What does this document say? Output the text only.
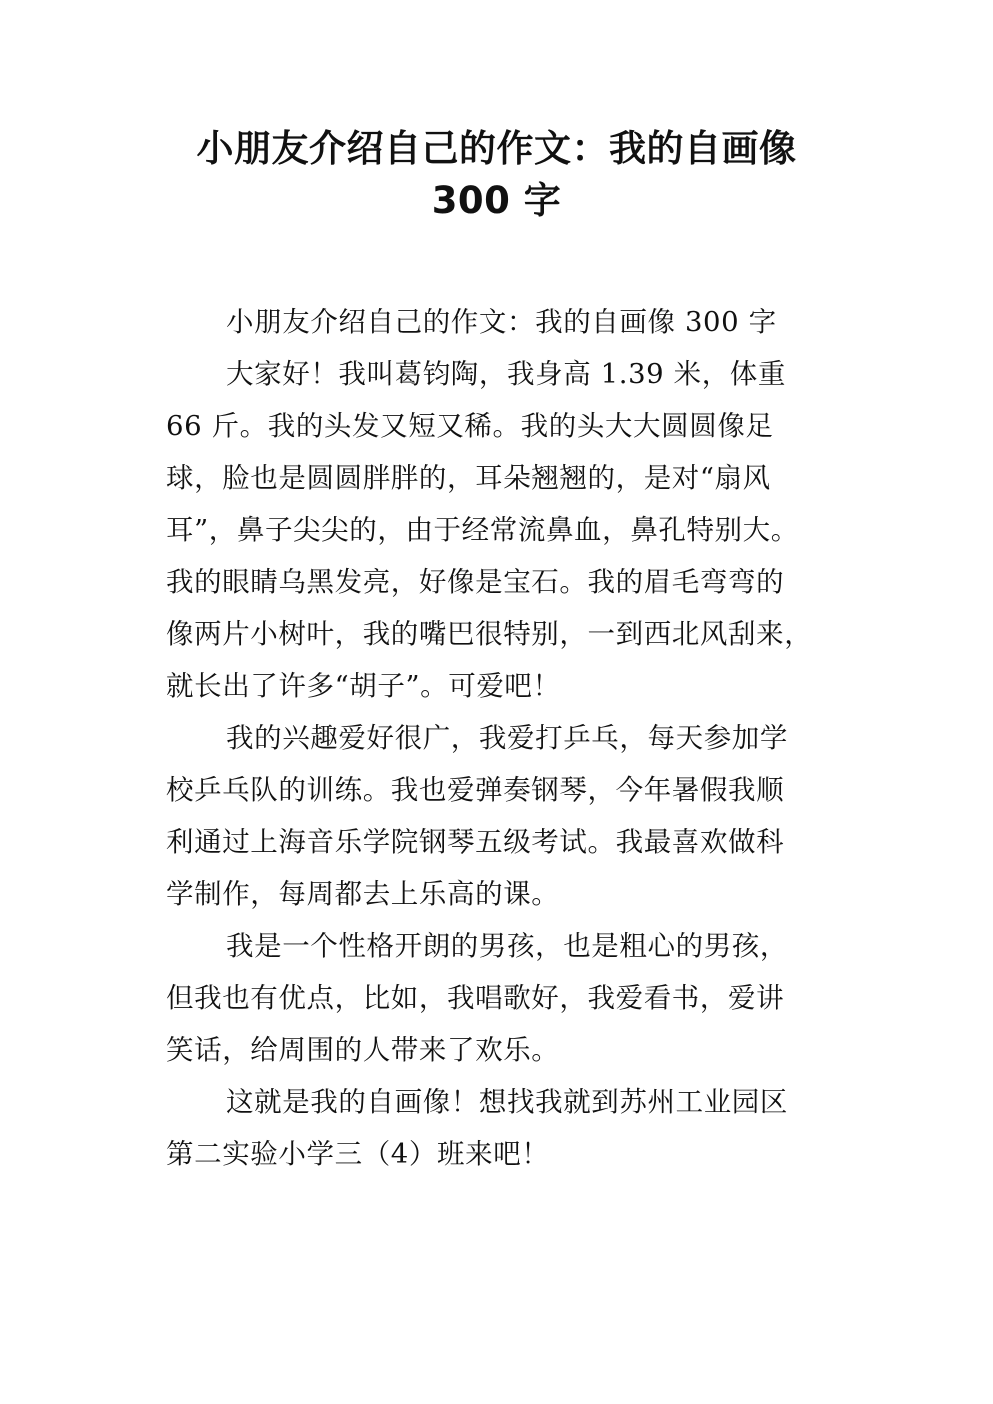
小朋友介绍自己的作文：我的自画像
300 字
小朋友介绍自己的作文：我的自画像 300 字
大家好！我叫葛钧陶，我身高 1.39 米，体重
66 斤。我的头发又短又稀。我的头大大圆圆像足
球，脸也是圆圆胖胖的，耳朵翘翘的，是对“扇风
耳”，鼻子尖尖的，由于经常流鼻血，鼻孔特别大。
我的眼睛乌黑发亮，好像是宝石。我的眉毛弯弯的
像两片小树叶，我的嘴巴很特别，一到西北风刮来，
就长出了许多“胡子”。可爱吧！
我的兴趣爱好很广，我爱打乒乓，每天参加学
校乒乓队的训练。我也爱弹奏钢琴，今年暑假我顺
利通过上海音乐学院钢琴五级考试。我最喜欢做科
学制作，每周都去上乐高的课。
我是一个性格开朗的男孩，也是粗心的男孩，
但我也有优点，比如，我唱歌好，我爱看书，爱讲
笑话，给周围的人带来了欢乐。
这就是我的自画像！想找我就到苏州工业园区
第二实验小学三（4）班来吧！
